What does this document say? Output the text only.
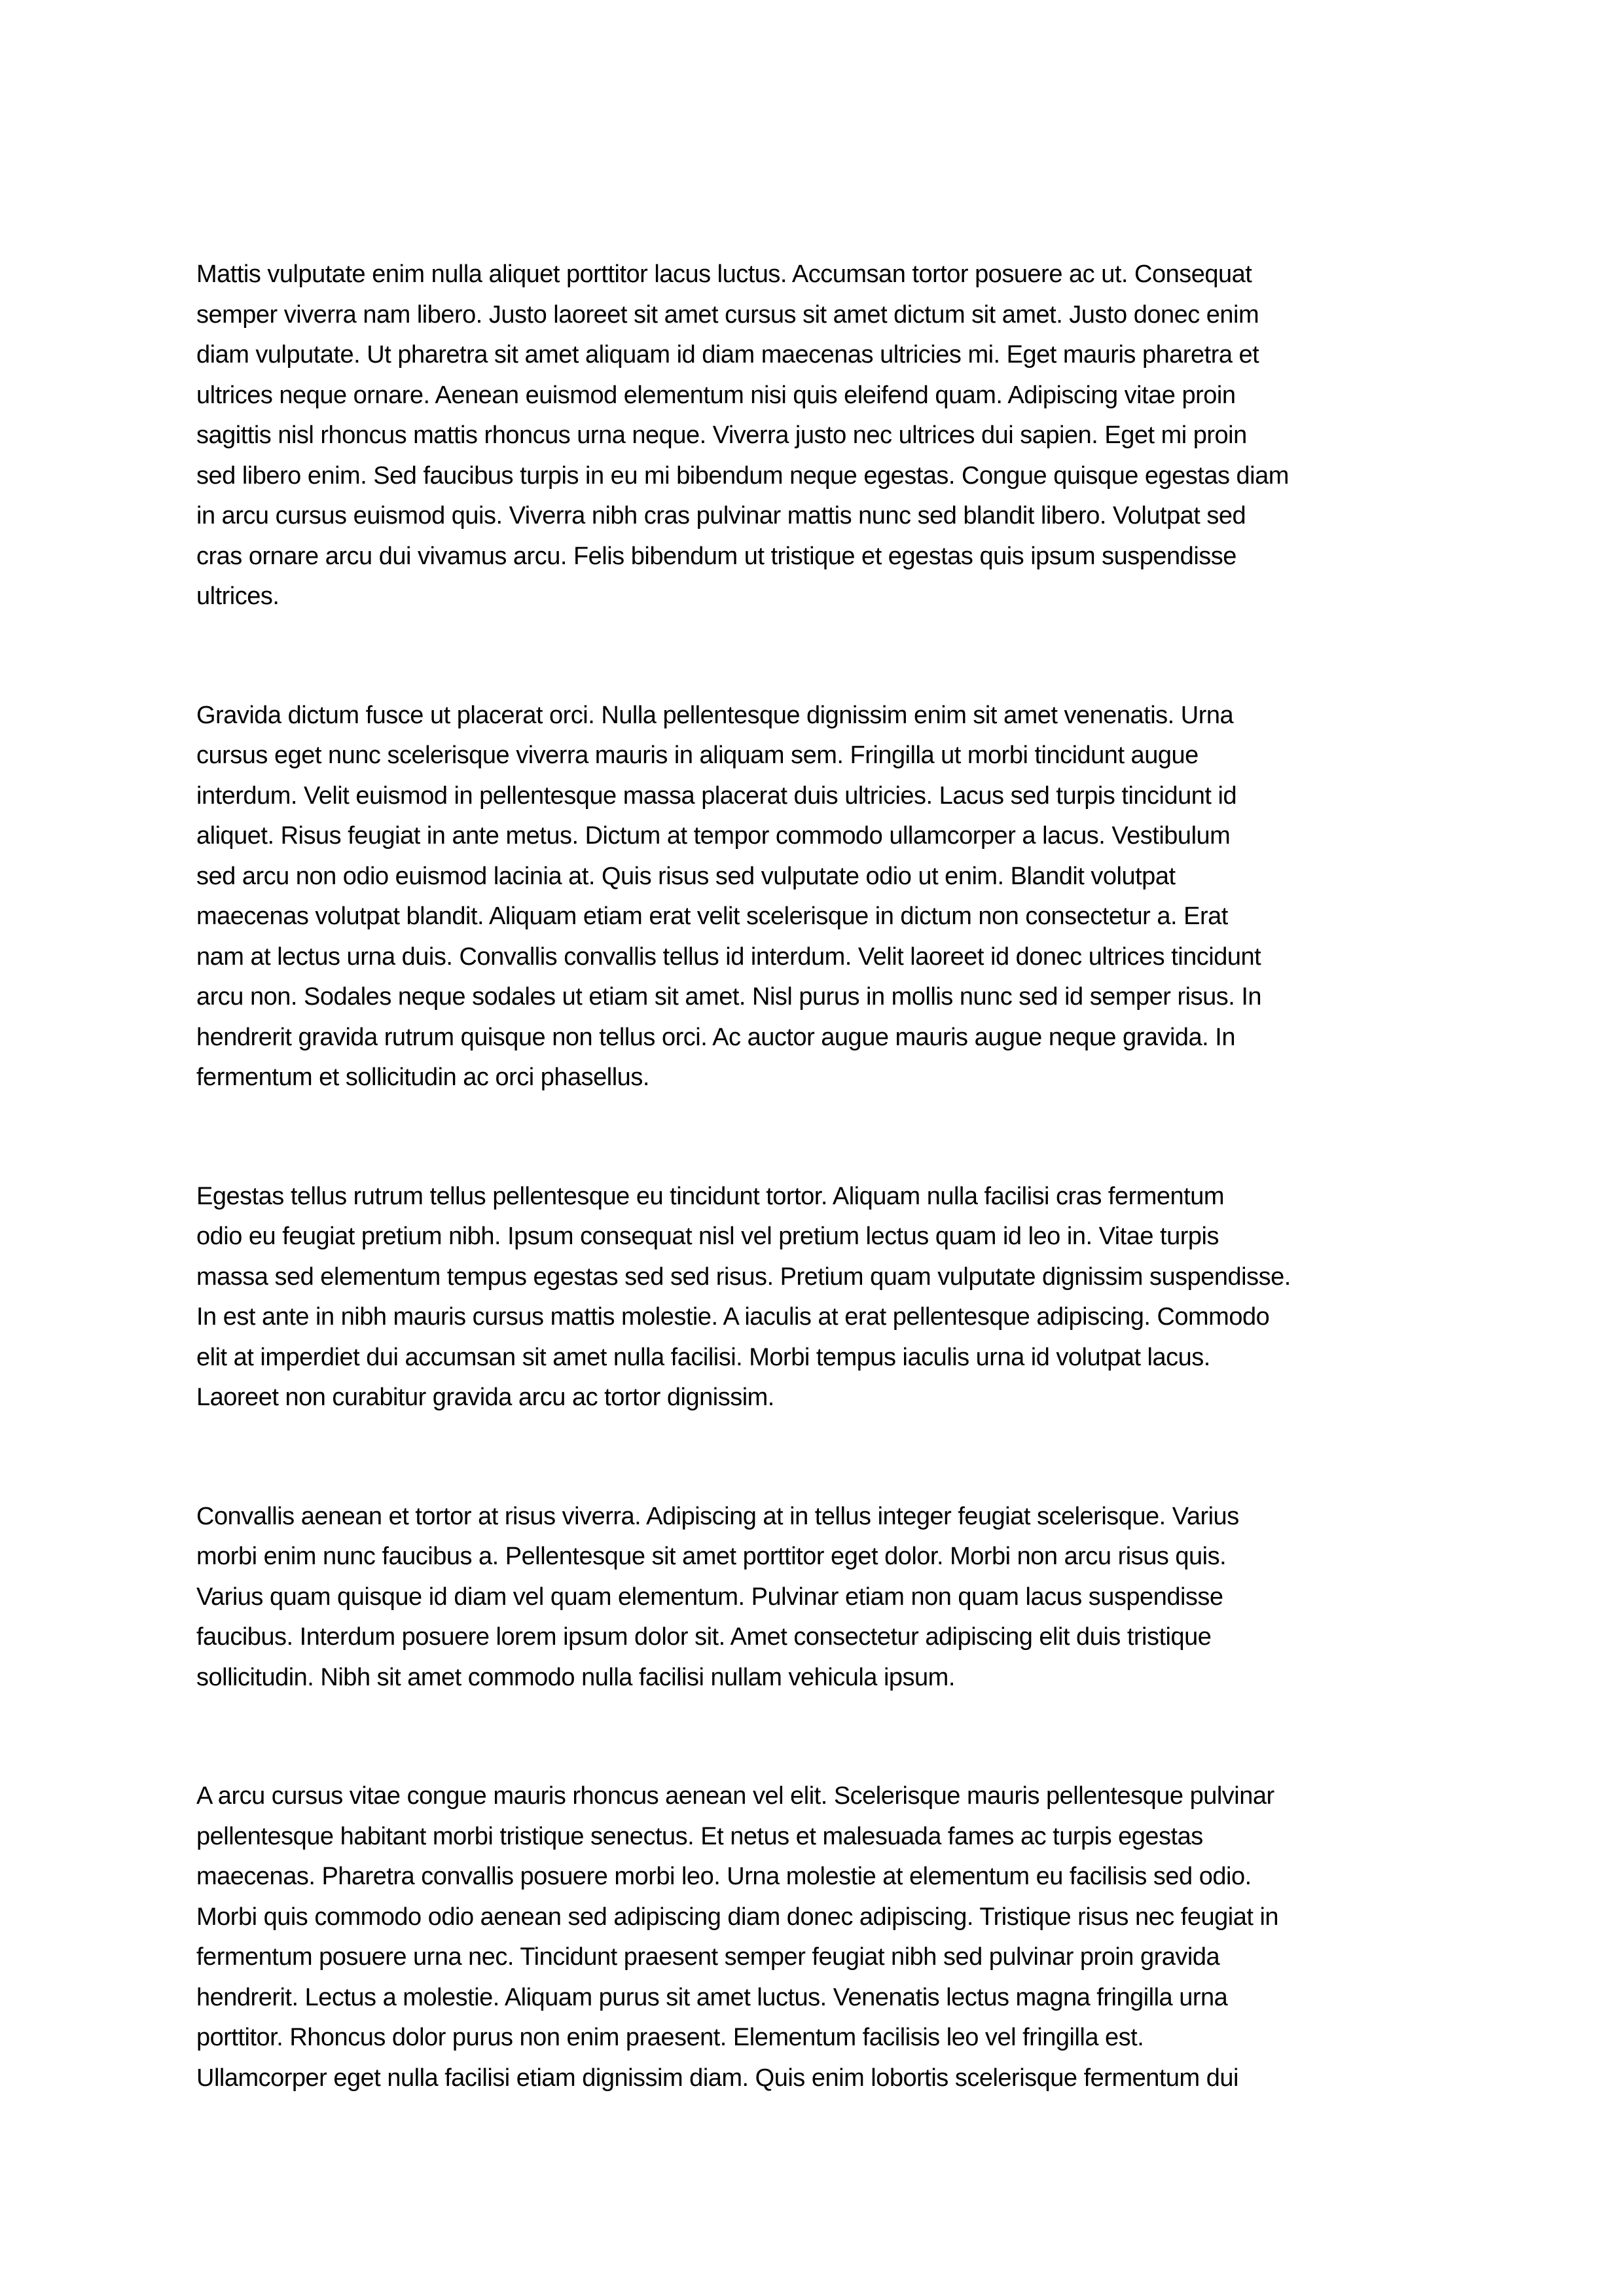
Mattis vulputate enim nulla aliquet porttitor lacus luctus. Accumsan tortor posuere ac ut. Consequat
semper viverra nam libero. Justo laoreet sit amet cursus sit amet dictum sit amet. Justo donec enim
diam vulputate. Ut pharetra sit amet aliquam id diam maecenas ultricies mi. Eget mauris pharetra et
ultrices neque ornare. Aenean euismod elementum nisi quis eleifend quam. Adipiscing vitae proin
sagittis nisl rhoncus mattis rhoncus urna neque. Viverra justo nec ultrices dui sapien. Eget mi proin
sed libero enim. Sed faucibus turpis in eu mi bibendum neque egestas. Congue quisque egestas diam
in arcu cursus euismod quis. Viverra nibh cras pulvinar mattis nunc sed blandit libero. Volutpat sed
cras ornare arcu dui vivamus arcu. Felis bibendum ut tristique et egestas quis ipsum suspendisse
ultrices.
Gravida dictum fusce ut placerat orci. Nulla pellentesque dignissim enim sit amet venenatis. Urna
cursus eget nunc scelerisque viverra mauris in aliquam sem. Fringilla ut morbi tincidunt augue
interdum. Velit euismod in pellentesque massa placerat duis ultricies. Lacus sed turpis tincidunt id
aliquet. Risus feugiat in ante metus. Dictum at tempor commodo ullamcorper a lacus. Vestibulum
sed arcu non odio euismod lacinia at. Quis risus sed vulputate odio ut enim. Blandit volutpat
maecenas volutpat blandit. Aliquam etiam erat velit scelerisque in dictum non consectetur a. Erat
nam at lectus urna duis. Convallis convallis tellus id interdum. Velit laoreet id donec ultrices tincidunt
arcu non. Sodales neque sodales ut etiam sit amet. Nisl purus in mollis nunc sed id semper risus. In
hendrerit gravida rutrum quisque non tellus orci. Ac auctor augue mauris augue neque gravida. In
fermentum et sollicitudin ac orci phasellus.
Egestas tellus rutrum tellus pellentesque eu tincidunt tortor. Aliquam nulla facilisi cras fermentum
odio eu feugiat pretium nibh. Ipsum consequat nisl vel pretium lectus quam id leo in. Vitae turpis
massa sed elementum tempus egestas sed sed risus. Pretium quam vulputate dignissim suspendisse.
In est ante in nibh mauris cursus mattis molestie. A iaculis at erat pellentesque adipiscing. Commodo
elit at imperdiet dui accumsan sit amet nulla facilisi. Morbi tempus iaculis urna id volutpat lacus.
Laoreet non curabitur gravida arcu ac tortor dignissim.
Convallis aenean et tortor at risus viverra. Adipiscing at in tellus integer feugiat scelerisque. Varius
morbi enim nunc faucibus a. Pellentesque sit amet porttitor eget dolor. Morbi non arcu risus quis.
Varius quam quisque id diam vel quam elementum. Pulvinar etiam non quam lacus suspendisse
faucibus. Interdum posuere lorem ipsum dolor sit. Amet consectetur adipiscing elit duis tristique
sollicitudin. Nibh sit amet commodo nulla facilisi nullam vehicula ipsum.
A arcu cursus vitae congue mauris rhoncus aenean vel elit. Scelerisque mauris pellentesque pulvinar
pellentesque habitant morbi tristique senectus. Et netus et malesuada fames ac turpis egestas
maecenas. Pharetra convallis posuere morbi leo. Urna molestie at elementum eu facilisis sed odio.
Morbi quis commodo odio aenean sed adipiscing diam donec adipiscing. Tristique risus nec feugiat in
fermentum posuere urna nec. Tincidunt praesent semper feugiat nibh sed pulvinar proin gravida
hendrerit. Lectus a molestie. Aliquam purus sit amet luctus. Venenatis lectus magna fringilla urna
porttitor. Rhoncus dolor purus non enim praesent. Elementum facilisis leo vel fringilla est.
Ullamcorper eget nulla facilisi etiam dignissim diam. Quis enim lobortis scelerisque fermentum dui
